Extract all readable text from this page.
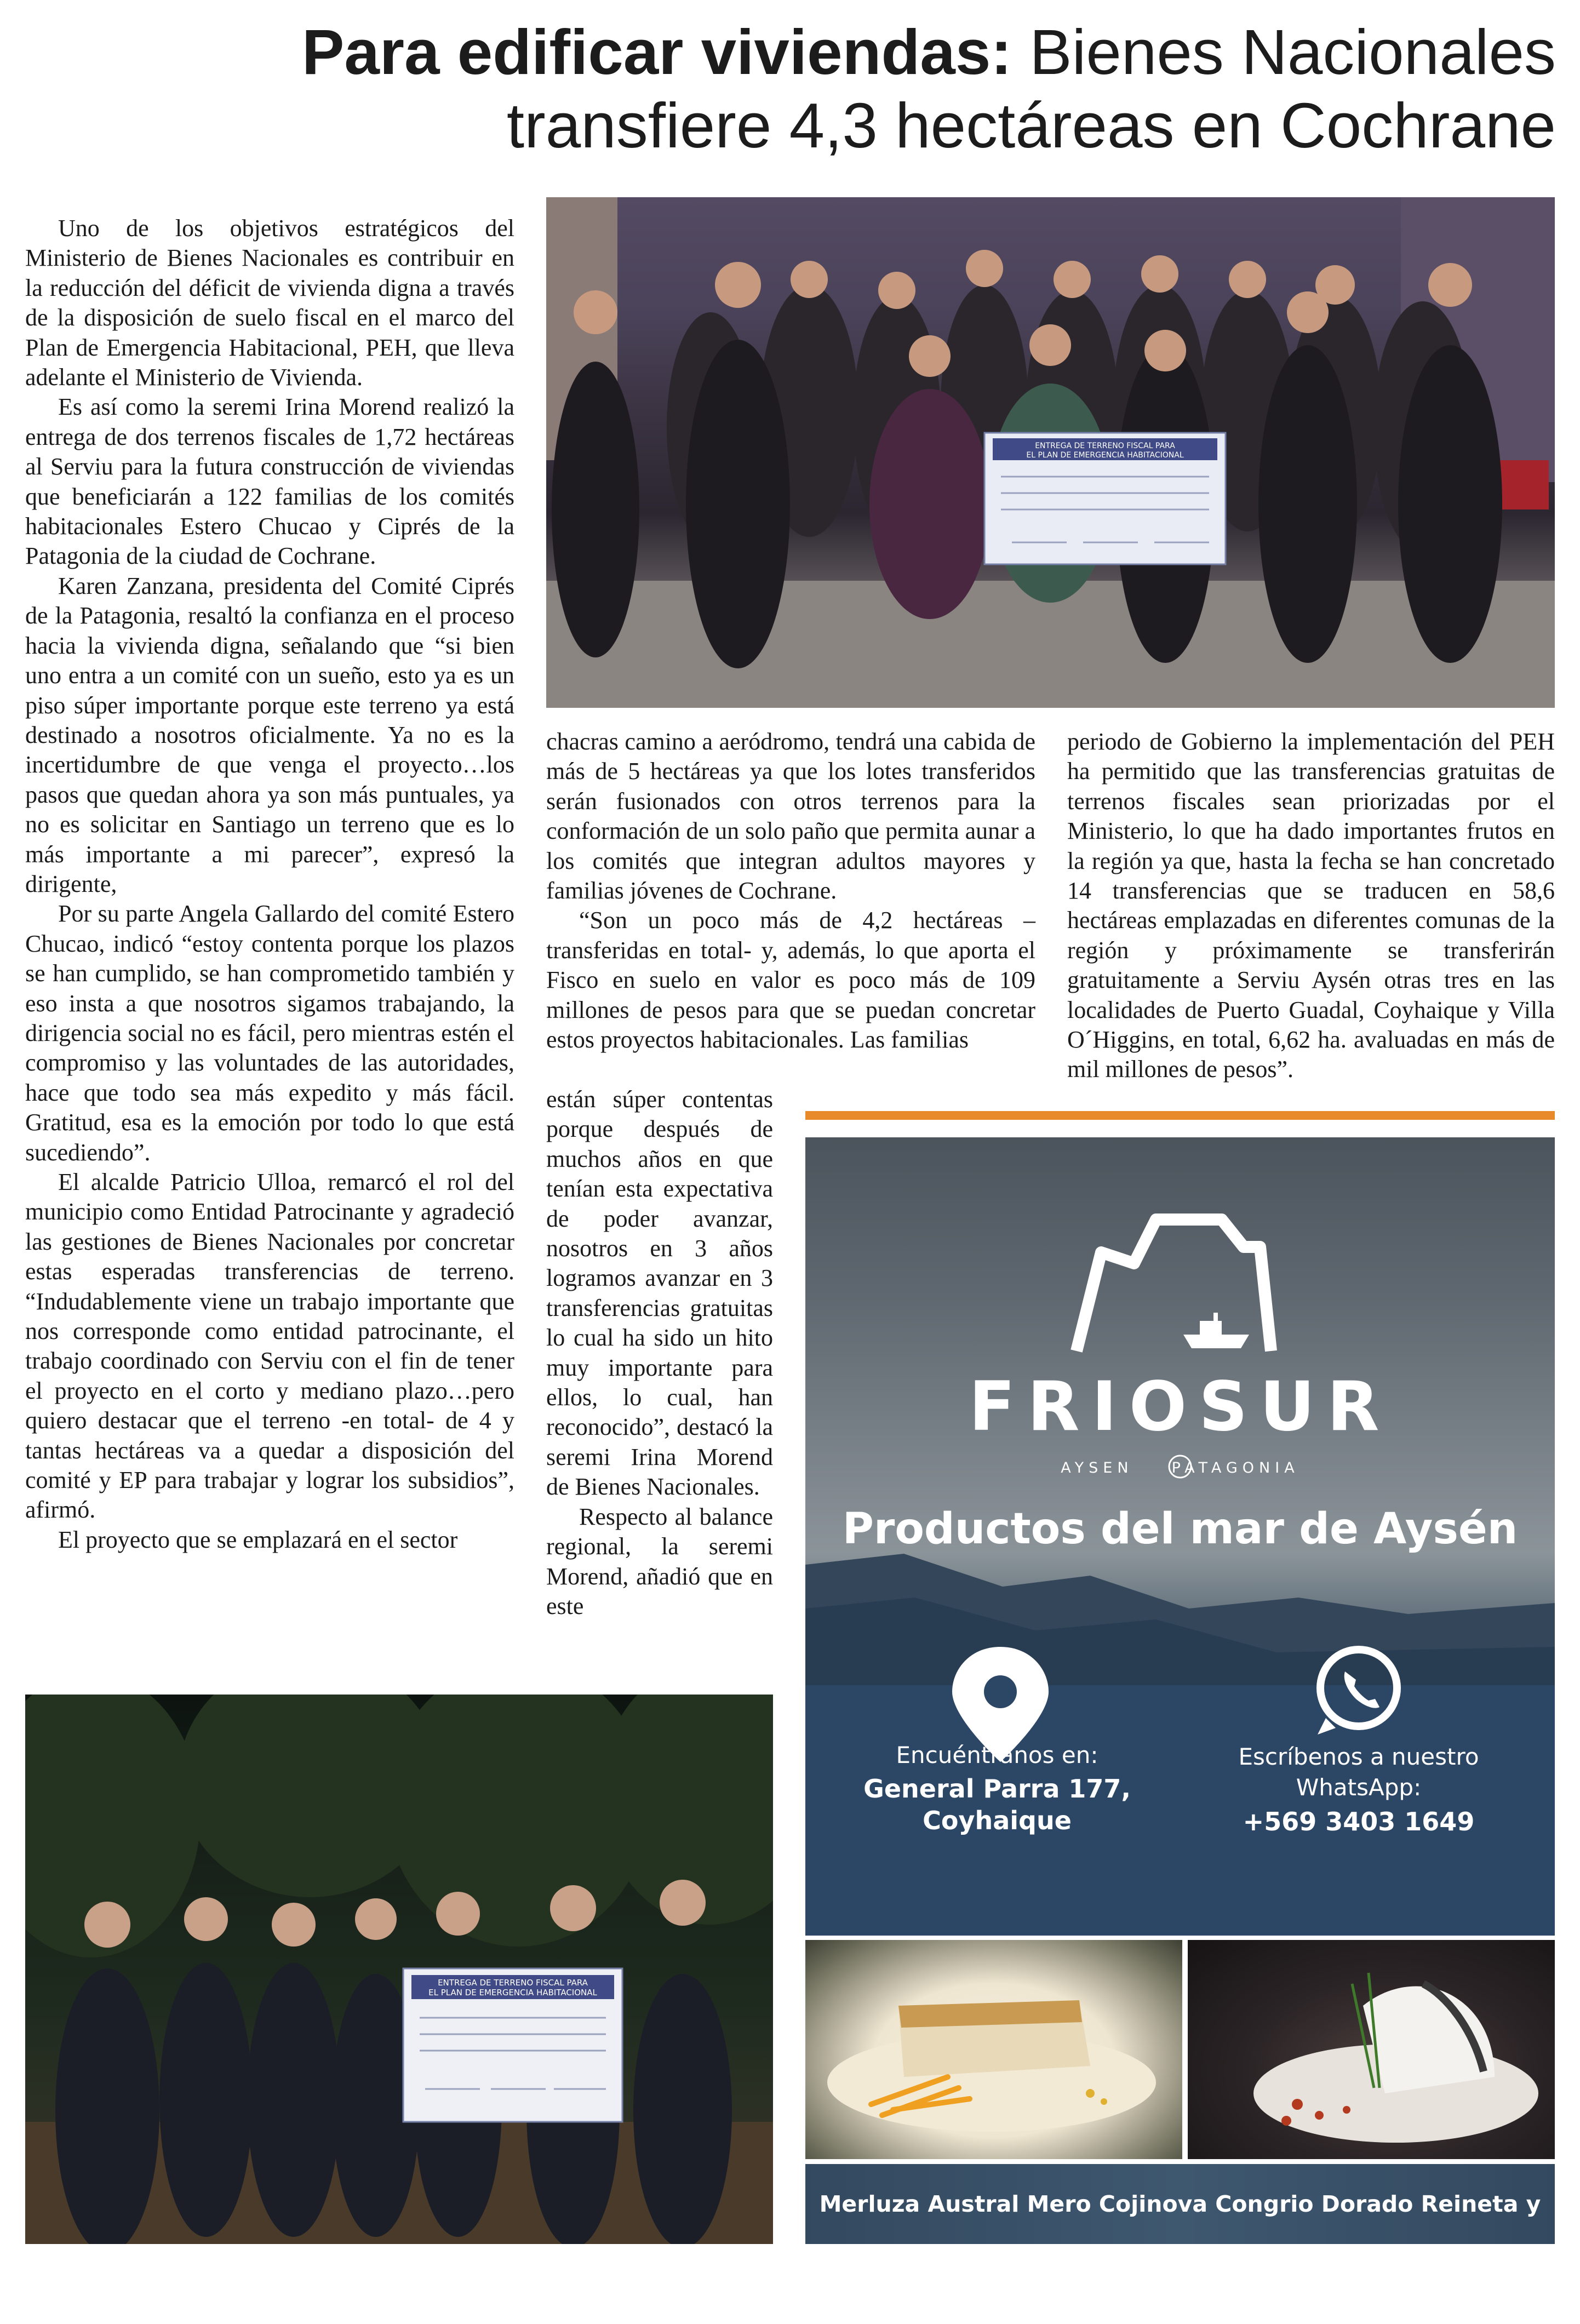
Para edificar viviendas: Bienes Nacionales
transfiere 4,3 hectáreas en Cochrane
ENTREGA DE TERRENO FISCAL PARA
EL PLAN DE EMERGENCIA HABITACIONAL

Uno de los objetivos estratégicos del Ministerio de Bienes Nacionales es contribuir en la reducción del déficit de vivienda digna a través de la disposición de suelo fiscal en el marco del Plan de Emergencia Habitacional, PEH, que lleva adelante el Ministerio de Vivienda.

Es así como la seremi Irina Morend realizó la entrega de dos terrenos fiscales de 1,72 hectáreas al Serviu para la futura construcción de viviendas que beneficiarán a 122 familias de los comités habitacionales Estero Chucao y Ciprés de la Patagonia de la ciudad de Cochrane.

Karen Zanzana, presidenta del Comité Ciprés de la Patagonia, resaltó la confianza en el proceso hacia la vivienda digna, señalando que “si bien uno entra a un comité con un sueño, esto ya es un piso súper importante porque este terreno ya está destinado a nosotros oficialmente. Ya no es la incertidumbre de que venga el proyecto…los pasos que quedan ahora ya son más puntuales, ya no es solicitar en Santiago un terreno que es lo más importante a mi parecer”, expresó la dirigente,

Por su parte Angela Gallardo del comité Estero Chucao, indicó “estoy contenta porque los plazos se han cumplido, se han comprometido también y eso insta a que nosotros sigamos trabajando, la dirigencia social no es fácil, pero mientras estén el compromiso y las voluntades de las autoridades, hace que todo sea más expedito y más fácil. Gratitud, esa es la emoción por todo lo que está sucediendo”.

El alcalde Patricio Ulloa, remarcó el rol del municipio como Entidad Patrocinante y agradeció las gestiones de Bienes Nacionales por concretar estas esperadas transferencias de terreno. “Indudablemente viene un trabajo importante que nos corresponde como entidad patrocinante, el trabajo coordinado con Serviu con el fin de tener el proyecto en el corto y mediano plazo…pero quiero destacar que el terreno -en total- de 4 y tantas hectáreas va a quedar a disposición del comité y EP para trabajar y lograr los subsidios”, afirmó.

El proyecto que se emplazará en el sector

chacras camino a aeródromo, tendrá una cabida de más de 5 hectáreas ya que los lotes transferidos serán fusionados con otros terrenos para la conformación de un solo paño que permita aunar a los comités que integran adultos mayores y familias jóvenes de Cochrane.

“Son un poco más de 4,2 hectáreas –transferidas en total- y, además, lo que aporta el Fisco en suelo en valor es poco más de 109 millones de pesos para que se puedan concretar estos proyectos habitacionales. Las familias

están súper contentas porque después de muchos años en que tenían esta expectativa de poder avanzar, nosotros en 3 años logramos avanzar en 3 transferencias gratuitas lo cual ha sido un hito muy importante para ellos, lo cual, han reconocido”, destacó la seremi Irina Morend de Bienes Nacionales.

Respecto al balance regional, la seremi Morend, añadió que en este

periodo de Gobierno la implementación del PEH ha permitido que las transferencias gratuitas de terrenos fiscales sean priorizadas por el Ministerio, lo que ha dado importantes frutos en la región ya que, hasta la fecha se han concretado 14 transferencias que se traducen en 58,6 hectáreas emplazadas en diferentes comunas de la región y próximamente se transferirán gratuitamente a Serviu Aysén otras tres en las localidades de Puerto Guadal, Coyhaique y Villa O´Higgins, en total, 6,62 ha. avaluadas en más de mil millones de pesos”.

FRIOSUR
AYSEN	PATAGONIA
Productos del mar de Aysén
Encuéntranos en:
General Parra 177,
Coyhaique
Escríbenos a nuestro
WhatsApp:
+569 3403 1649
Merluza Austral Mero Cojinova Congrio Dorado Reineta y más
ENTREGA DE TERRENO FISCAL PARA
EL PLAN DE EMERGENCIA HABITACIONAL
